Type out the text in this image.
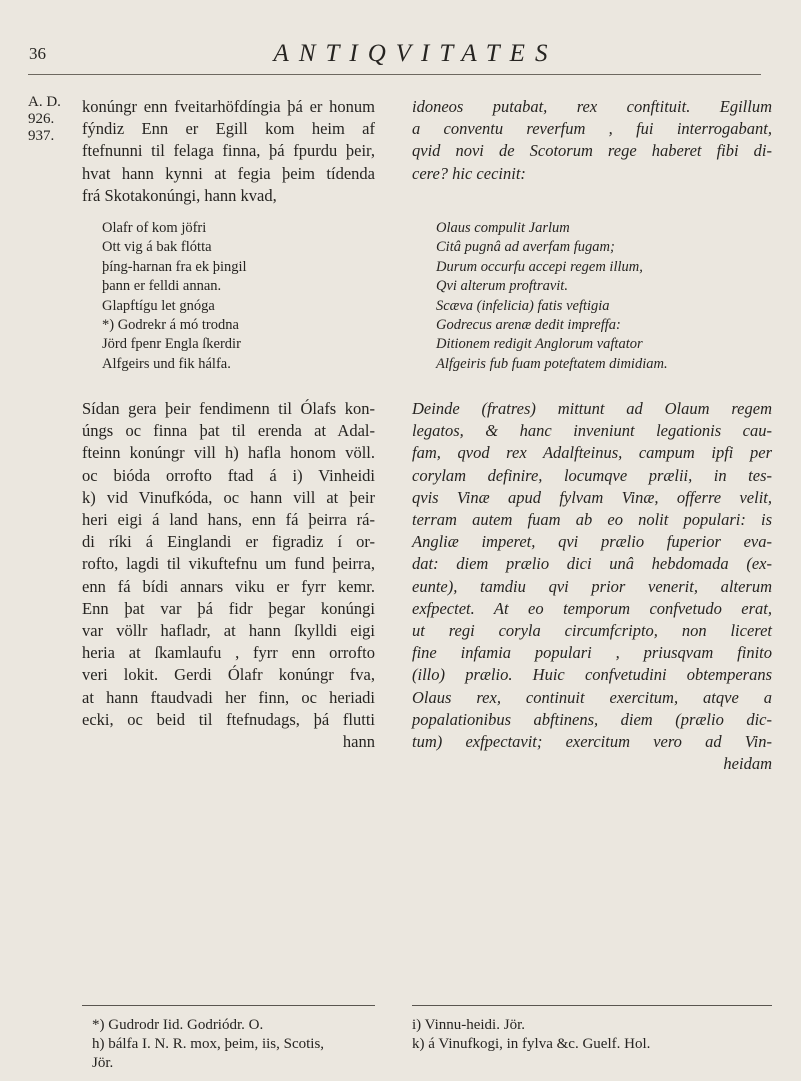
36	ANTIQVITATES
A. D.
926.
937.
konúngr enn fveitarhöfdíngia þá er honum
fýndiz Enn er Egill kom heim af
ftefnunni til felaga finna, þá fpurdu þeir,
hvat hann kynni at fegia þeim tídenda
frá Skotakonúngi, hann kvad,
Olafr of kom jöfri
Ott vig á bak flótta
þíng-harnan fra ek þingil
þann er felldi annan.
Glapftígu let gnóga
*) Godrekr á mó trodna
Jörd fpenr Engla ſkerdir
Alfgeirs und fik hálfa.
Sídan gera þeir fendimenn til Ólafs kon-
úngs oc finna þat til erenda at Adal-
fteinn konúngr vill h) hafla honom völl.
oc bióda orrofto ftad á i) Vinheidi
k) vid Vinufkóda, oc hann vill at þeir
heri eigi á land hans, enn fá þeirra rá-
di ríki á Einglandi er figradiz í or-
rofto, lagdi til vikuftefnu um fund þeirra,
enn fá bídi annars viku er fyrr kemr.
Enn þat var þá fidr þegar konúngi
var völlr hafladr, at hann ſkylldi eigi
heria at ſkamlaufu , fyrr enn orrofto
veri lokit. Gerdi Ólafr konúngr fva,
at hann ftaudvadi her finn, oc heriadi
ecki, oc beid til ftefnudags, þá flutti
hann
idoneos putabat, rex conftituit. Egillum
a conventu reverfum , fui interrogabant,
qvid novi de Scotorum rege haberet fibi di-
cere? hic cecinit:
Olaus compulit Jarlum
Citâ pugnâ ad averfam fugam;
Durum occurfu accepi regem illum,
Qvi alterum proftravit.
Scæva (infelicia) fatis veftigia
Godrecus arenæ dedit impreffa:
Ditionem redigit Anglorum vaftator
Alfgeiris fub fuam poteftatem dimidiam.
Deinde (fratres) mittunt ad Olaum regem
legatos, & hanc inveniunt legationis cau-
fam, qvod rex Adalfteinus, campum ipfi per
corylam definire, locumqve prælii, in tes-
qvis Vinæ apud fylvam Vinæ, offerre velit,
terram autem fuam ab eo nolit populari: is
Angliæ imperet, qvi prælio fuperior eva-
dat: diem prælio dici unâ hebdomada (ex-
eunte), tamdiu qvi prior venerit, alterum
exfpectet. At eo temporum confvetudo erat,
ut regi coryla circumfcripto, non liceret
fine infamia populari , priusqvam finito
(illo) prælio. Huic confvetudini obtemperans
Olaus rex, continuit exercitum, atqve a
popalationibus abftinens, diem (prælio dic-
tum) exfpectavit; exercitum vero ad Vin-
heidam
*) Gudrodr Iid. Godriódr. O.
h) bálfa I. N. R. mox, þeim, iis, Scotis,
Jör.
i) Vinnu-heidi. Jör.
k) á Vinufkogi, in fylva &c. Guelf. Hol.
